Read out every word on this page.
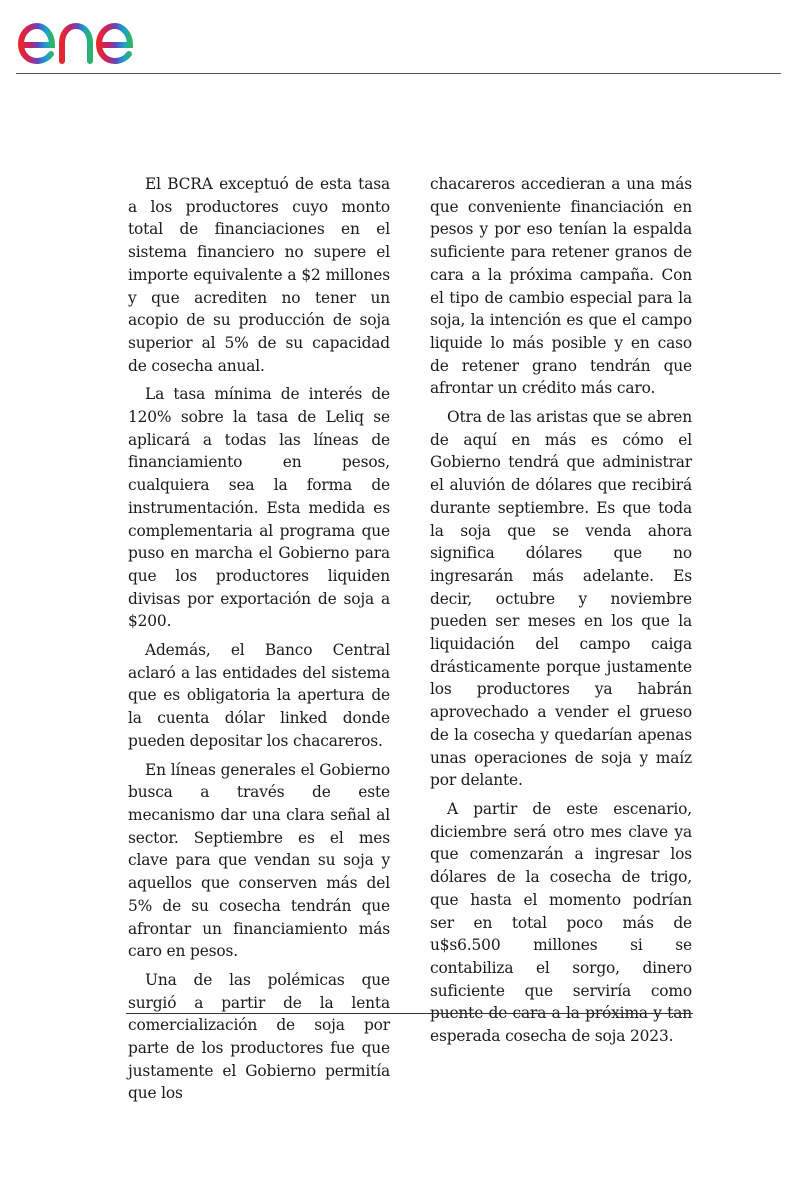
enel

El BCRA exceptuó de esta tasa a los productores cuyo monto total de financiaciones en el sistema financiero no supere el importe equivalente a $2 millones y que acrediten no tener un acopio de su producción de soja superior al 5% de su capacidad de cosecha anual.

La tasa mínima de interés de 120% sobre la tasa de Leliq se aplicará a todas las líneas de financiamiento en pesos, cualquiera sea la forma de instrumentación. Esta medida es complementaria al programa que puso en marcha el Gobierno para que los productores liquiden divisas por exportación de soja a $200.

Además, el Banco Central aclaró a las entidades del sistema que es obligatoria la apertura de la cuenta dólar linked donde pueden depositar los chacareros.

En líneas generales el Gobierno busca a través de este mecanismo dar una clara señal al sector. Septiembre es el mes clave para que vendan su soja y aquellos que conserven más del 5% de su cosecha tendrán que afrontar un financiamiento más caro en pesos.

Una de las polémicas que surgió a partir de la lenta comercialización de soja por parte de los productores fue que justamente el Gobierno permitía que los

chacareros accedieran a una más que conveniente financiación en pesos y por eso tenían la espalda suficiente para retener granos de cara a la próxima campaña. Con el tipo de cambio especial para la soja, la intención es que el campo liquide lo más posible y en caso de retener grano tendrán que afrontar un crédito más caro.

Otra de las aristas que se abren de aquí en más es cómo el Gobierno tendrá que administrar el aluvión de dólares que recibirá durante septiembre. Es que toda la soja que se venda ahora significa dólares que no ingresarán más adelante. Es decir, octubre y noviembre pueden ser meses en los que la liquidación del campo caiga drásticamente porque justamente los productores ya habrán aprovechado a vender el grueso de la cosecha y quedarían apenas unas operaciones de soja y maíz por delante.

A partir de este escenario, diciembre será otro mes clave ya que comenzarán a ingresar los dólares de la cosecha de trigo, que hasta el momento podrían ser en total poco más de u$s6.500 millones si se contabiliza el sorgo, dinero suficiente que serviría como puente de cara a la próxima y tan esperada cosecha de soja 2023.
